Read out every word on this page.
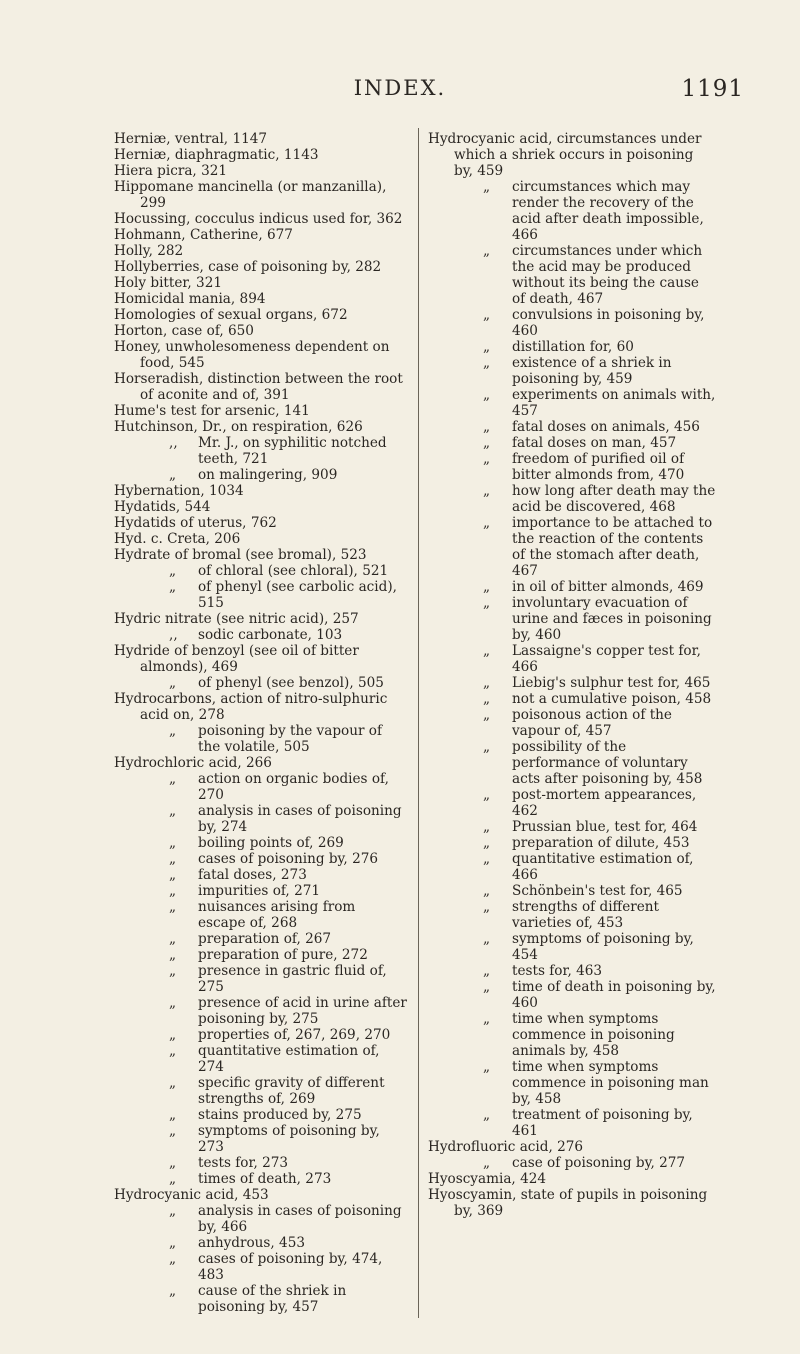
INDEX.	1191
Herniæ, ventral, 1147
Herniæ, diaphragmatic, 1143
Hiera picra, 321
Hippomane mancinella (or manzanilla), 299
Hocussing, cocculus indicus used for, 362
Hohmann, Catherine, 677
Holly, 282
Hollyberries, case of poisoning by, 282
Holy bitter, 321
Homicidal mania, 894
Homologies of sexual organs, 672
Horton, case of, 650
Honey, unwholesomeness dependent on food, 545
Horseradish, distinction between the root of aconite and of, 391
Hume's test for arsenic, 141
Hutchinson, Dr., on respiration, 626
,, Mr. J., on syphilitic notched teeth, 721
„ on malingering, 909
Hybernation, 1034
Hydatids, 544
Hydatids of uterus, 762
Hyd. c. Creta, 206
Hydrate of bromal (see bromal), 523
„ of chloral (see chloral), 521
„ of phenyl (see carbolic acid), 515
Hydric nitrate (see nitric acid), 257
,, sodic carbonate, 103
Hydride of benzoyl (see oil of bitter almonds), 469
„ of phenyl (see benzol), 505
Hydrocarbons, action of nitro-sulphuric acid on, 278
„ poisoning by the vapour of the volatile, 505
Hydrochloric acid, 266
„ action on organic bodies of, 270
„ analysis in cases of poisoning by, 274
„ boiling points of, 269
„ cases of poisoning by, 276
„ fatal doses, 273
„ impurities of, 271
„ nuisances arising from escape of, 268
„ preparation of, 267
„ preparation of pure, 272
„ presence in gastric fluid of, 275
„ presence of acid in urine after poisoning by, 275
„ properties of, 267, 269, 270
„ quantitative estimation of, 274
„ specific gravity of different strengths of, 269
„ stains produced by, 275
„ symptoms of poisoning by, 273
„ tests for, 273
„ times of death, 273
Hydrocyanic acid, 453
„ analysis in cases of poisoning by, 466
„ anhydrous, 453
„ cases of poisoning by, 474, 483
„ cause of the shriek in poisoning by, 457
Hydrocyanic acid, circumstances under which a shriek occurs in poisoning by, 459
„ circumstances which may render the recovery of the acid after death impossible, 466
„ circumstances under which the acid may be produced without its being the cause of death, 467
„ convulsions in poisoning by, 460
„ distillation for, 60
„ existence of a shriek in poisoning by, 459
„ experiments on animals with, 457
„ fatal doses on animals, 456
„ fatal doses on man, 457
„ freedom of purified oil of bitter almonds from, 470
„ how long after death may the acid be discovered, 468
„ importance to be attached to the reaction of the contents of the stomach after death, 467
„ in oil of bitter almonds, 469
„ involuntary evacuation of urine and fæces in poisoning by, 460
„ Lassaigne's copper test for, 466
„ Liebig's sulphur test for, 465
„ not a cumulative poison, 458
„ poisonous action of the vapour of, 457
„ possibility of the performance of voluntary acts after poisoning by, 458
„ post-mortem appearances, 462
„ Prussian blue, test for, 464
„ preparation of dilute, 453
„ quantitative estimation of, 466
„ Schönbein's test for, 465
„ strengths of different varieties of, 453
„ symptoms of poisoning by, 454
„ tests for, 463
„ time of death in poisoning by, 460
„ time when symptoms commence in poisoning animals by, 458
„ time when symptoms commence in poisoning man by, 458
„ treatment of poisoning by, 461
Hydrofluoric acid, 276
„ case of poisoning by, 277
Hyoscyamia, 424
Hyoscyamin, state of pupils in poisoning by, 369
